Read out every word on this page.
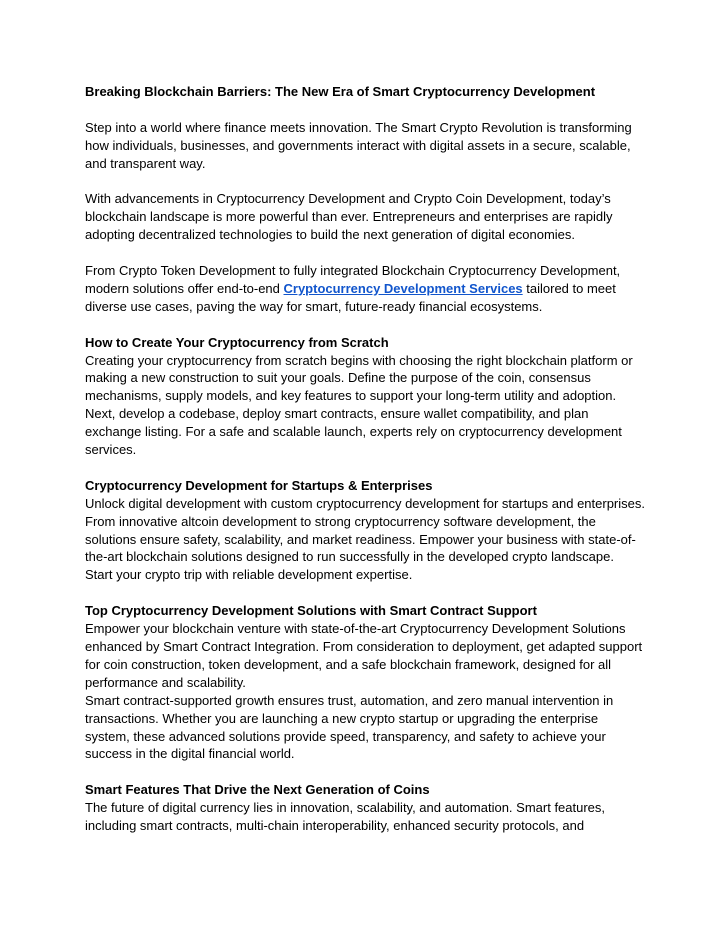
Breaking Blockchain Barriers: The New Era of Smart Cryptocurrency Development

Step into a world where finance meets innovation. The Smart Crypto Revolution is transforming how individuals, businesses, and governments interact with digital assets in a secure, scalable, and transparent way.

With advancements in Cryptocurrency Development and Crypto Coin Development, today’s blockchain landscape is more powerful than ever. Entrepreneurs and enterprises are rapidly adopting decentralized technologies to build the next generation of digital economies.

From Crypto Token Development to fully integrated Blockchain Cryptocurrency Development, modern solutions offer end-to-end Cryptocurrency Development Services tailored to meet diverse use cases, paving the way for smart, future-ready financial ecosystems.

How to Create Your Cryptocurrency from Scratch

Creating your cryptocurrency from scratch begins with choosing the right blockchain platform or making a new construction to suit your goals. Define the purpose of the coin, consensus mechanisms, supply models, and key features to support your long-term utility and adoption. Next, develop a codebase, deploy smart contracts, ensure wallet compatibility, and plan exchange listing. For a safe and scalable launch, experts rely on cryptocurrency development services.

Cryptocurrency Development for Startups & Enterprises

Unlock digital development with custom cryptocurrency development for startups and enterprises. From innovative altcoin development to strong cryptocurrency software development, the solutions ensure safety, scalability, and market readiness. Empower your business with state-of-the-art blockchain solutions designed to run successfully in the developed crypto landscape. Start your crypto trip with reliable development expertise.

Top Cryptocurrency Development Solutions with Smart Contract Support

Empower your blockchain venture with state-of-the-art Cryptocurrency Development Solutions enhanced by Smart Contract Integration. From consideration to deployment, get adapted support for coin construction, token development, and a safe blockchain framework, designed for all performance and scalability.

Smart contract-supported growth ensures trust, automation, and zero manual intervention in transactions. Whether you are launching a new crypto startup or upgrading the enterprise system, these advanced solutions provide speed, transparency, and safety to achieve your success in the digital financial world.

Smart Features That Drive the Next Generation of Coins

The future of digital currency lies in innovation, scalability, and automation. Smart features, including smart contracts, multi-chain interoperability, enhanced security protocols, and
